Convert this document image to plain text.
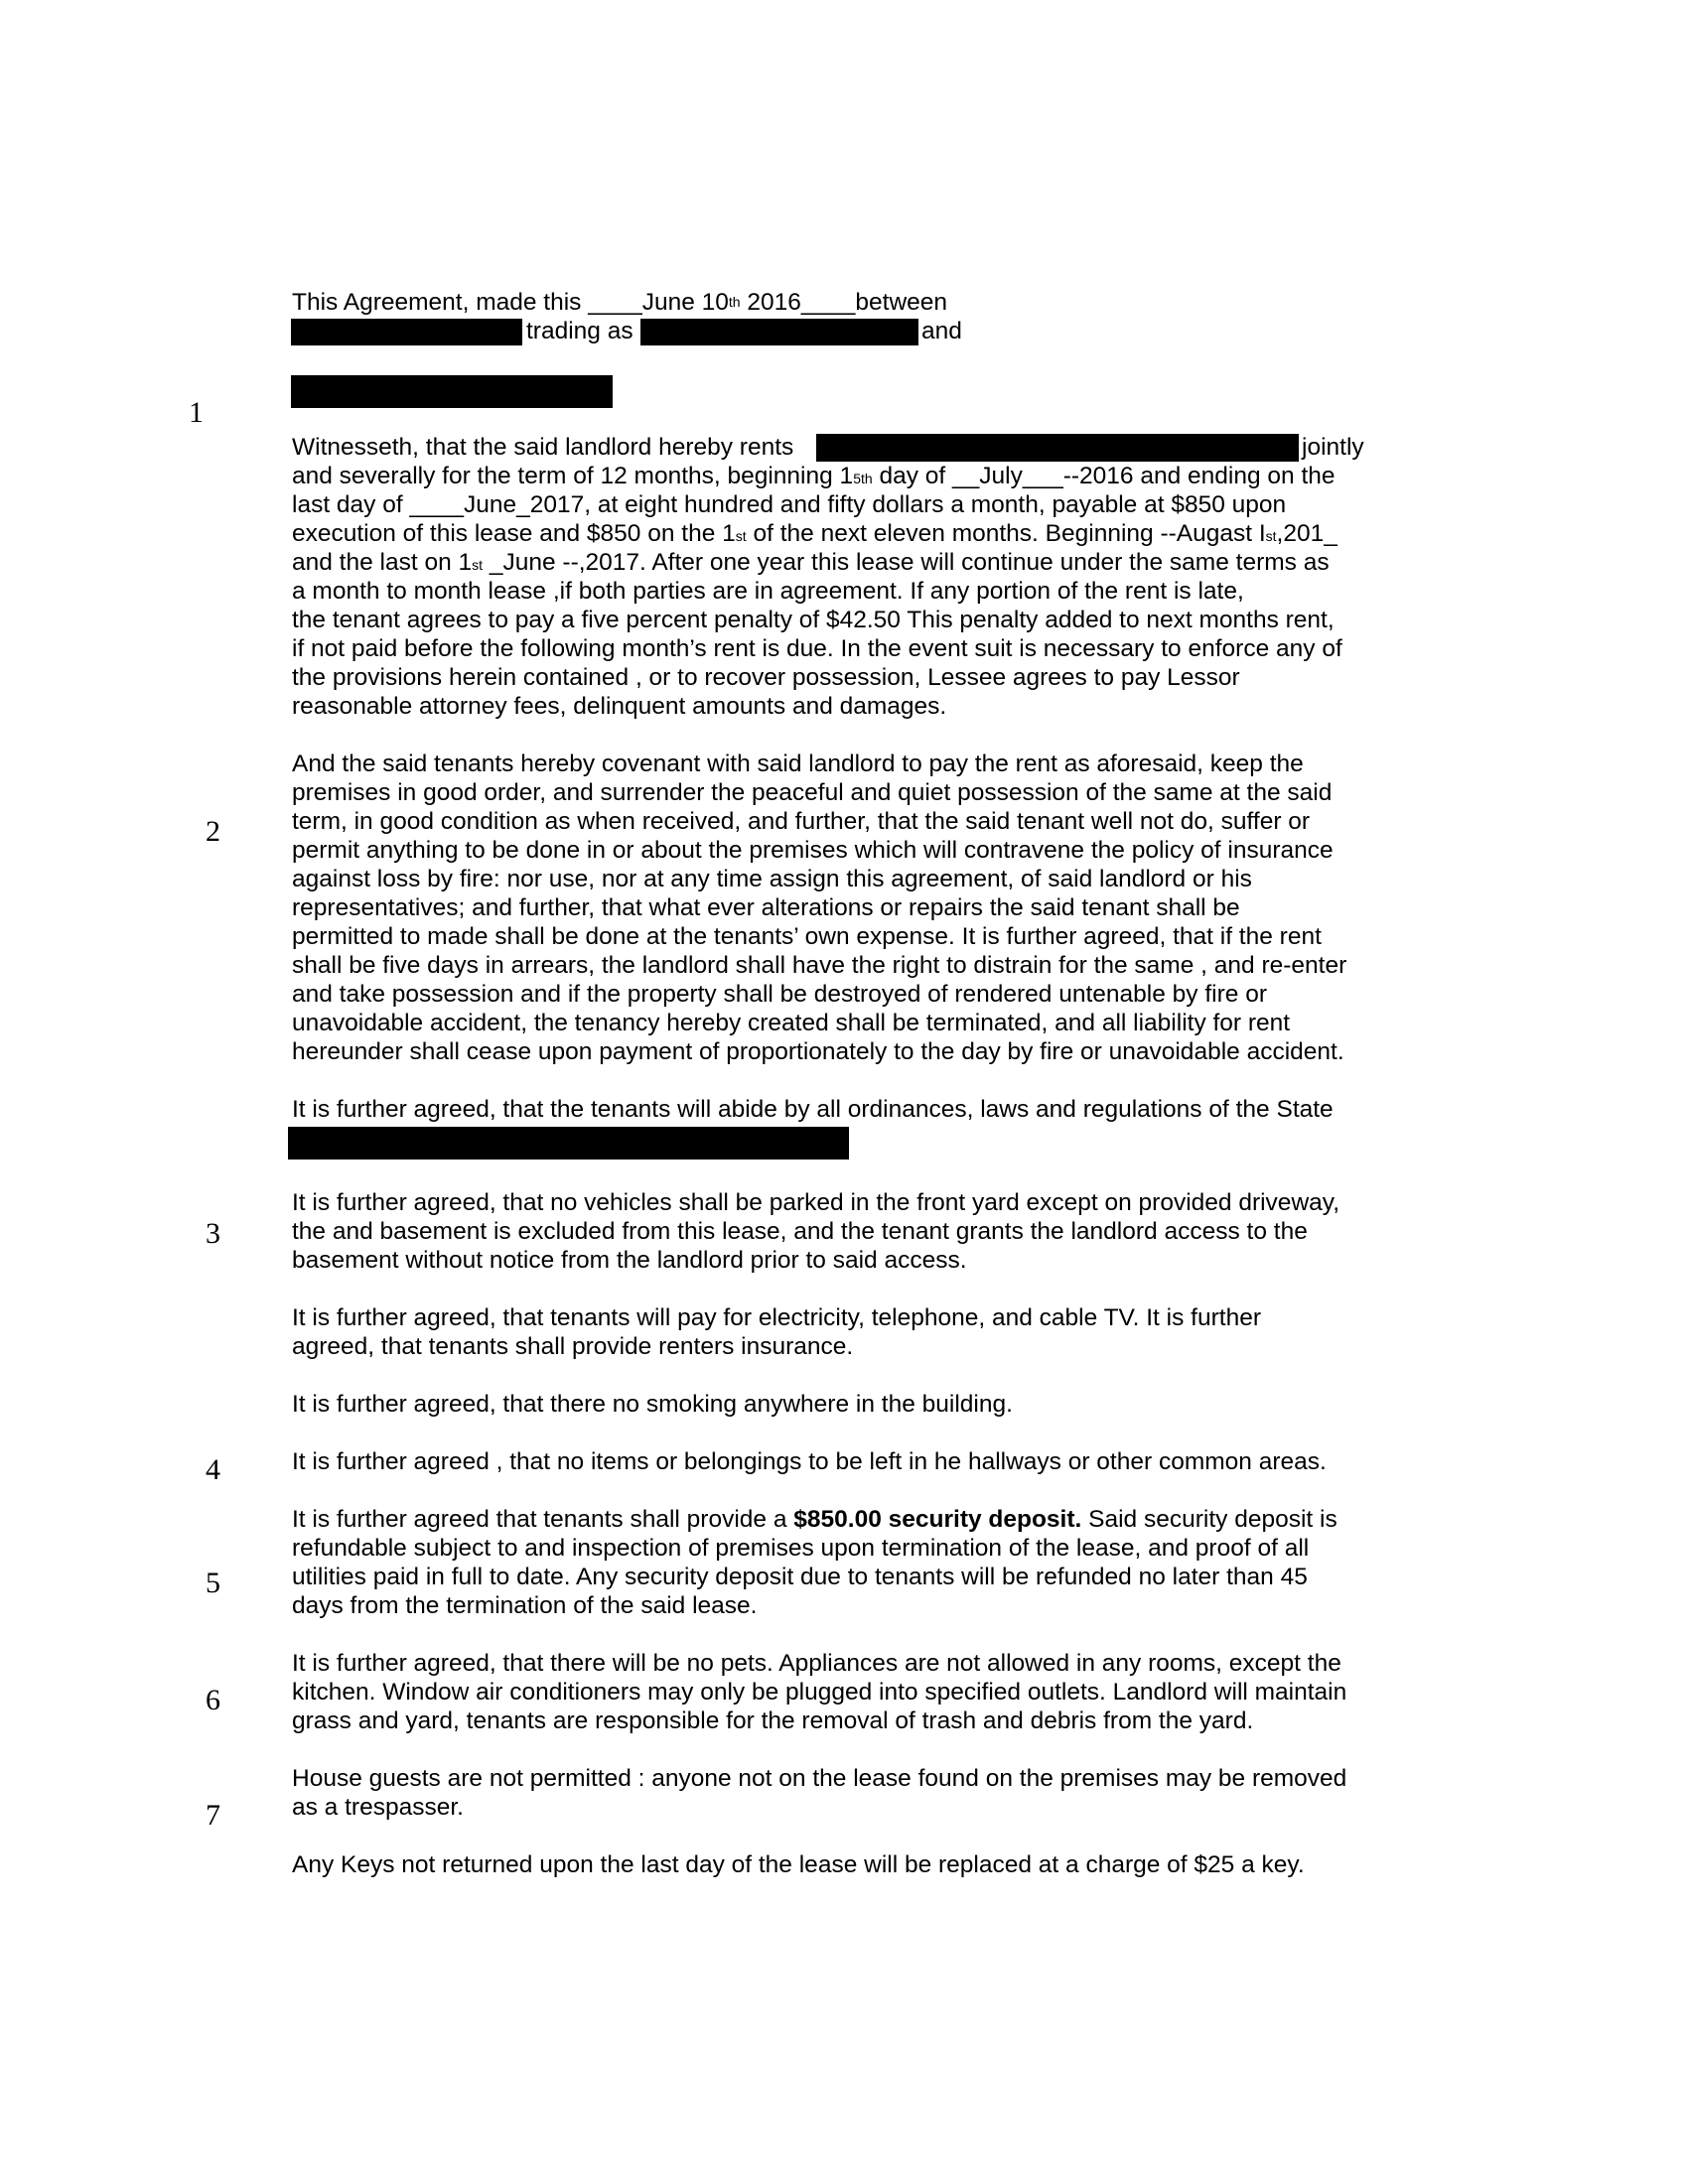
This Agreement, made this ____June 10th 2016____between
trading as	and
1
2
3
4
5
6
7
Witnesseth, that the said landlord hereby rents	jointly
and severally for the term of 12 months, beginning 15th day of __July___--2016 and ending on the
last day of ____June_2017, at eight hundred and fifty dollars a month, payable at $850 upon
execution of this lease and $850 on the 1st of the next eleven months. Beginning --Augast Ist,201_
and the last on 1st _June --,2017. After one year this lease will continue under the same terms as
a month to month lease ,if both parties are in agreement. If any portion of the rent is late,
the tenant agrees to pay a five percent penalty of $42.50 This penalty added to next months rent,
if not paid before the following month’s rent is due. In the event suit is necessary to enforce any of
the provisions herein contained , or to recover possession, Lessee agrees to pay Lessor
reasonable attorney fees, delinquent amounts and damages.
And the said tenants hereby covenant with said landlord to pay the rent as aforesaid, keep the
premises in good order, and surrender the peaceful and quiet possession of the same at the said
term, in good condition as when received, and further, that the said tenant well not do, suffer or
permit anything to be done in or about the premises which will contravene the policy of insurance
against loss by fire: nor use, nor at any time assign this agreement, of said landlord or his
representatives; and further, that what ever alterations or repairs the said tenant shall be
permitted to made shall be done at the tenants’ own expense. It is further agreed, that if the rent
shall be five days in arrears, the landlord shall have the right to distrain for the same , and re-enter
and take possession and if the property shall be destroyed of rendered untenable by fire or
unavoidable accident, the tenancy hereby created shall be terminated, and all liability for rent
hereunder shall cease upon payment of proportionately to the day by fire or unavoidable accident.
It is further agreed, that the tenants will abide by all ordinances, laws and regulations of the State
It is further agreed, that no vehicles shall be parked in the front yard except on provided driveway,
the and basement is excluded from this lease, and the tenant grants the landlord access to the
basement without notice from the landlord prior to said access.
It is further agreed, that tenants will pay for electricity, telephone, and cable TV. It is further
agreed, that tenants shall provide renters insurance.
It is further agreed, that there no smoking anywhere in the building.
It is further agreed , that no items or belongings to be left in he hallways or other common areas.
It is further agreed that tenants shall provide a $850.00 security deposit. Said security deposit is
refundable subject to and inspection of premises upon termination of the lease, and proof of all
utilities paid in full to date. Any security deposit due to tenants will be refunded no later than 45
days from the termination of the said lease.
It is further agreed, that there will be no pets. Appliances are not allowed in any rooms, except the
kitchen. Window air conditioners may only be plugged into specified outlets. Landlord will maintain
grass and yard, tenants are responsible for the removal of trash and debris from the yard.
House guests are not permitted : anyone not on the lease found on the premises may be removed
as a trespasser.
Any Keys not returned upon the last day of the lease will be replaced at a charge of $25 a key.
